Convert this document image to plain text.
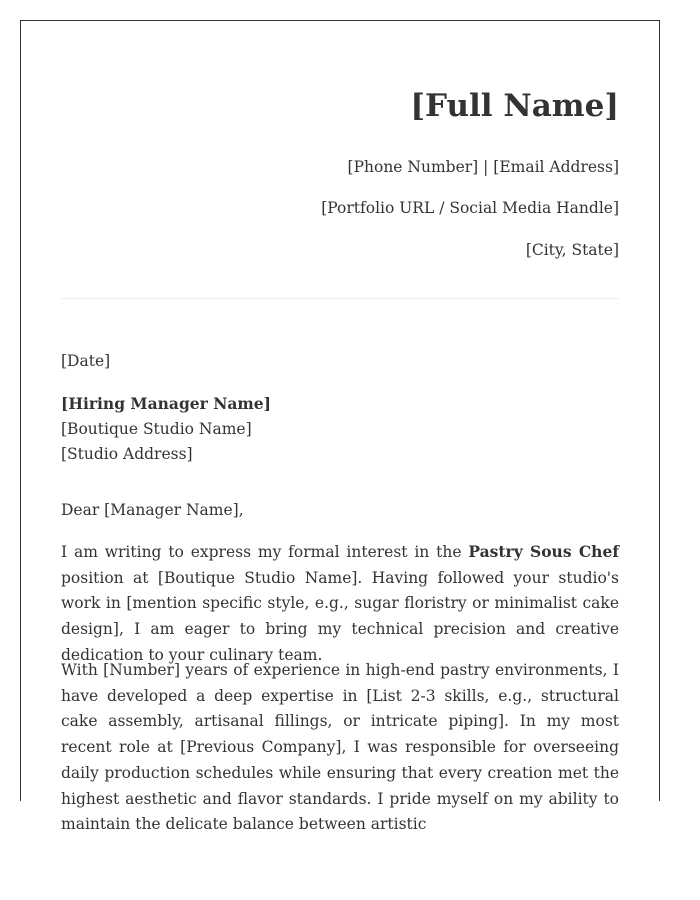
[Full Name]

[Phone Number] | [Email Address]

[Portfolio URL / Social Media Handle]

[City, State]

[Date]

[Hiring Manager Name]

[Boutique Studio Name]

[Studio Address]

Dear [Manager Name],

I am writing to express my formal interest in the Pastry Sous Chef position at [Boutique Studio Name]. Having followed your studio's work in [mention specific style, e.g., sugar floristry or minimalist cake design], I am eager to bring my technical precision and creative dedication to your culinary team.

With [Number] years of experience in high-end pastry environments, I have developed a deep expertise in [List 2-3 skills, e.g., structural cake assembly, artisanal fillings, or intricate piping]. In my most recent role at [Previous Company], I was responsible for overseeing daily production schedules while ensuring that every creation met the highest aesthetic and flavor standards. I pride myself on my ability to maintain the delicate balance between artistic
